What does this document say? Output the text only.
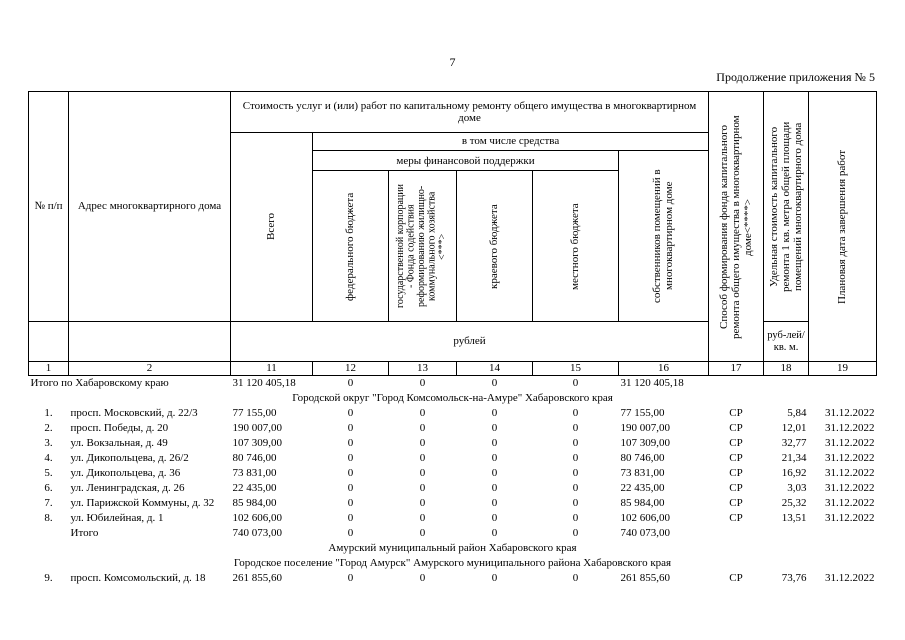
7
Продолжение приложения № 5
№ п/п	Адрес многоквартирного дома	Стоимость услуг и (или) работ по капитальному ремонту общего имущества в многоквартирном доме						Способ формирования фонда капитального ремонта общего имущества в многоквартирном доме<****>	Удельная стоимость капитального ремонта 1 кв. метра общей площади помещений многоквартирного дома	Плановая дата завершения работ

		Всего	в том числе средства							
			меры финансовой поддержки				собственников помещений в многоквартирном доме			

			федерального бюджета	государственной корпорации - Фонда содействия реформированию жилищно-коммунального хозяйства <***>	краевого бюджета	местного бюджета				

		рублей							руб-лей/ кв. м.	
1	2	11	12	13	14	15	16	17	18	19
Итого по Хабаровскому краю		31 120 405,18	0	0	0	0	31 120 405,18			
Городской округ "Город Комсомольск-на-Амуре" Хабаровского края										
1.	просп. Московский, д. 22/3	77 155,00	0	0	0	0	77 155,00	СР	5,84	31.12.2022
2.	просп. Победы, д. 20	190 007,00	0	0	0	0	190 007,00	СР	12,01	31.12.2022
3.	ул. Вокзальная, д. 49	107 309,00	0	0	0	0	107 309,00	СР	32,77	31.12.2022
4.	ул. Дикопольцева, д. 26/2	80 746,00	0	0	0	0	80 746,00	СР	21,34	31.12.2022
5.	ул. Дикопольцева, д. 36	73 831,00	0	0	0	0	73 831,00	СР	16,92	31.12.2022
6.	ул. Ленинградская, д. 26	22 435,00	0	0	0	0	22 435,00	СР	3,03	31.12.2022
7.	ул. Парижской Коммуны, д. 32	85 984,00	0	0	0	0	85 984,00	СР	25,32	31.12.2022
8.	ул. Юбилейная, д. 1	102 606,00	0	0	0	0	102 606,00	СР	13,51	31.12.2022
	Итого	740 073,00	0	0	0	0	740 073,00			
Амурский муниципальный район Хабаровского края										
Городское поселение "Город Амурск" Амурского муниципального района Хабаровского края										
9.	просп. Комсомольский, д. 18	261 855,60	0	0	0	0	261 855,60	СР	73,76	31.12.2022
